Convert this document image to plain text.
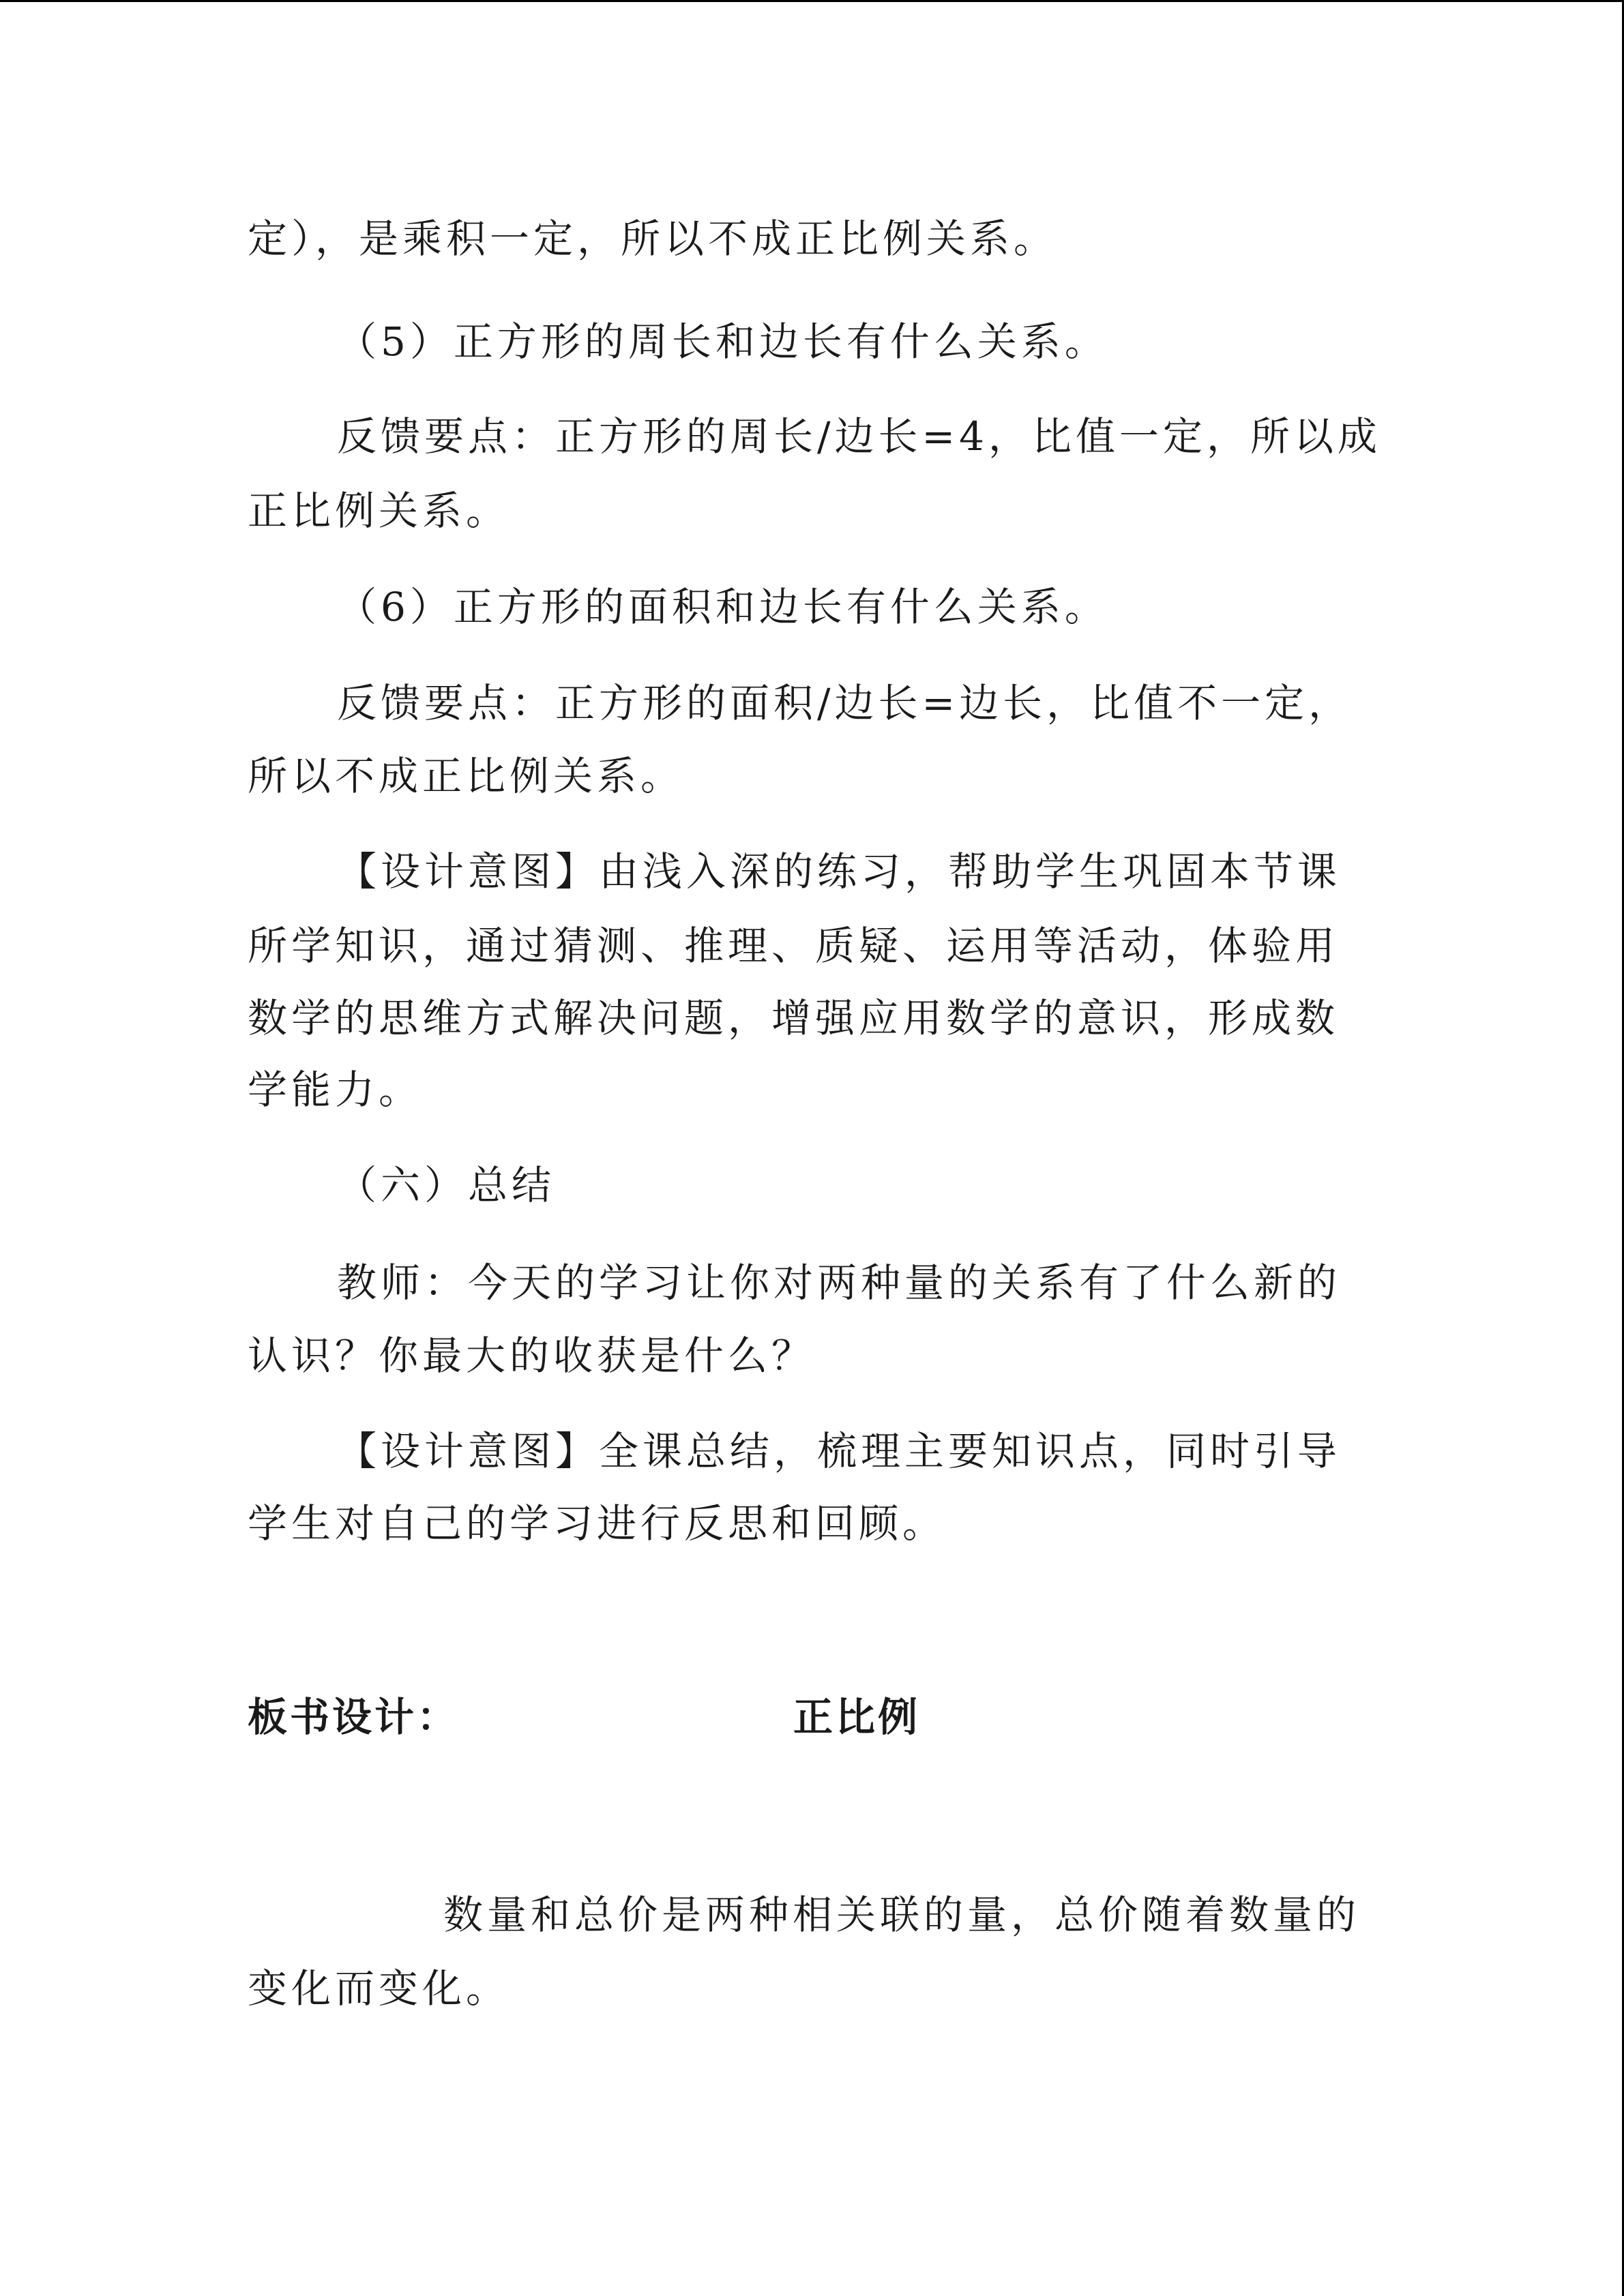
定），是乘积一定，所以不成正比例关系。
（5）正方形的周长和边长有什么关系。
反馈要点：正方形的周长/边长=4，比值一定，所以成
正比例关系。
（6）正方形的面积和边长有什么关系。
反馈要点：正方形的面积/边长=边长，比值不一定，
所以不成正比例关系。
【设计意图】由浅入深的练习，帮助学生巩固本节课
所学知识，通过猜测、推理、质疑、运用等活动，体验用
数学的思维方式解决问题，增强应用数学的意识，形成数
学能力。
（六）总结
教师：今天的学习让你对两种量的关系有了什么新的
认识？你最大的收获是什么？
【设计意图】全课总结，梳理主要知识点，同时引导
学生对自己的学习进行反思和回顾。
板书设计：	正比例
数量和总价是两种相关联的量，总价随着数量的
变化而变化。
